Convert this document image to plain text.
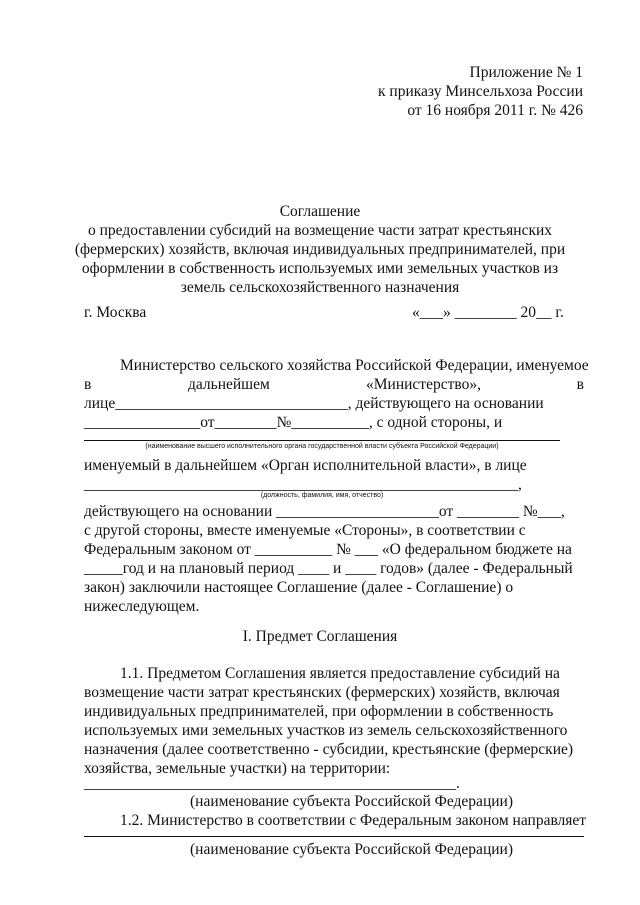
Приложение № 1
к приказу Минсельхоза России
от 16 ноября 2011 г. № 426
Соглашение
о предоставлении субсидий на возмещение части затрат крестьянских
(фермерских) хозяйств, включая индивидуальных предпринимателей, при
оформлении в собственность используемых ими земельных участков из
земель сельскохозяйственного назначения
г. Москва	«___» ________ 20__ г.
Министерство сельского хозяйства Российской Федерации, именуемое
в	дальнейшем	«Министерство»,	в
лице______________________________, действующего на основании
_______________от________№__________, с одной стороны, и
(наименование высшего исполнительного органа государственной власти субъекта Российской Федерации)
именуемый в дальнейшем «Орган исполнительной власти», в лице
________________________________________________________,
(должность, фамилия, имя, отчество)
действующего на основании _____________________от ________ №___,
с другой стороны, вместе именуемые «Стороны», в соответствии с
Федеральным законом от __________ № ___ «О федеральном бюджете на
_____год и на плановый период ____ и ____ годов» (далее - Федеральный
закон) заключили настоящее Соглашение (далее - Соглашение) о
нижеследующем.
I. Предмет Соглашения
1.1. Предметом Соглашения является предоставление субсидий на
возмещение части затрат крестьянских (фермерских) хозяйств, включая
индивидуальных предпринимателей, при оформлении в собственность
используемых ими земельных участков из земель сельскохозяйственного
назначения (далее соответственно - субсидии, крестьянские (фермерские)
хозяйства, земельные участки) на территории:
________________________________________________.
(наименование субъекта Российской Федерации)
1.2. Министерство в соответствии с Федеральным законом направляет
(наименование субъекта Российской Федерации)
